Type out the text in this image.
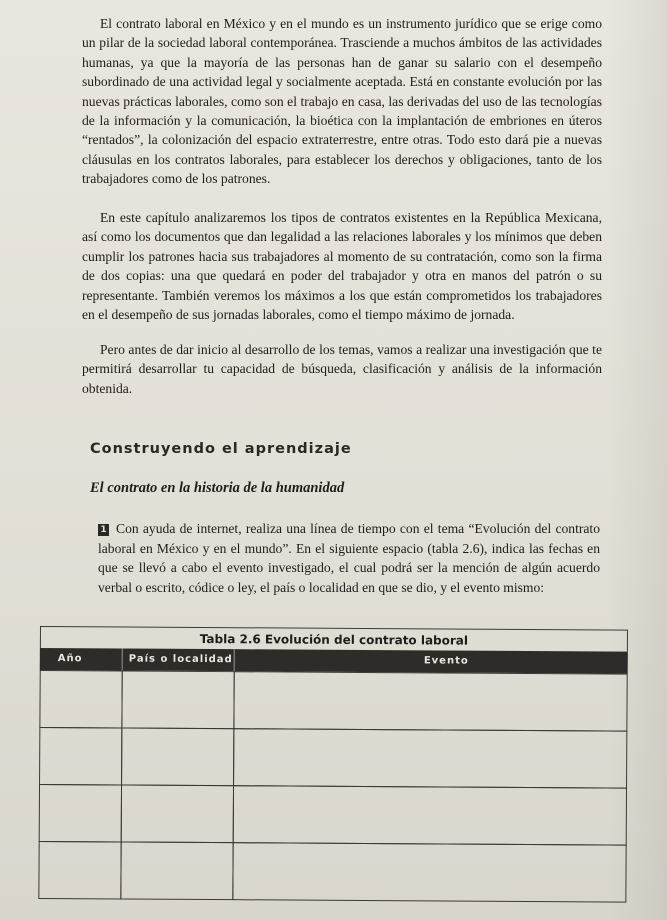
El contrato laboral en México y en el mundo es un instrumento jurídico que se erige como un pilar de la sociedad laboral contemporánea. Trasciende a muchos ámbitos de las actividades humanas, ya que la mayoría de las personas han de ganar su salario con el desempeño subordinado de una actividad legal y socialmente aceptada. Está en constante evolución por las nuevas prácticas laborales, como son el trabajo en casa, las derivadas del uso de las tecnologías de la información y la comunicación, la bioética con la implantación de embriones en úteros “rentados”, la colonización del espacio extraterrestre, entre otras. Todo esto dará pie a nuevas cláusulas en los contratos laborales, para establecer los derechos y obligaciones, tanto de los trabajadores como de los patrones.

En este capítulo analizaremos los tipos de contratos existentes en la República Mexicana, así como los documentos que dan legalidad a las relaciones laborales y los mínimos que deben cumplir los patrones hacia sus trabajadores al momento de su contratación, como son la firma de dos copias: una que quedará en poder del trabajador y otra en manos del patrón o su representante. También veremos los máximos a los que están comprometidos los trabajadores en el desempeño de sus jornadas laborales, como el tiempo máximo de jornada.

Pero antes de dar inicio al desarrollo de los temas, vamos a realizar una investigación que te permitirá desarrollar tu capacidad de búsqueda, clasificación y análisis de la información obtenida.

Construyendo el aprendizaje
El contrato en la historia de la humanidad

1 Con ayuda de internet, realiza una línea de tiempo con el tema “Evolución del contrato laboral en México y en el mundo”. En el siguiente espacio (tabla 2.6), indica las fechas en que se llevó a cabo el evento investigado, el cual podrá ser la mención de algún acuerdo verbal o escrito, códice o ley, el país o localidad en que se dio, y el evento mismo:

Tabla 2.6 Evolución del contrato laboral
Año	País o localidad	Evento
